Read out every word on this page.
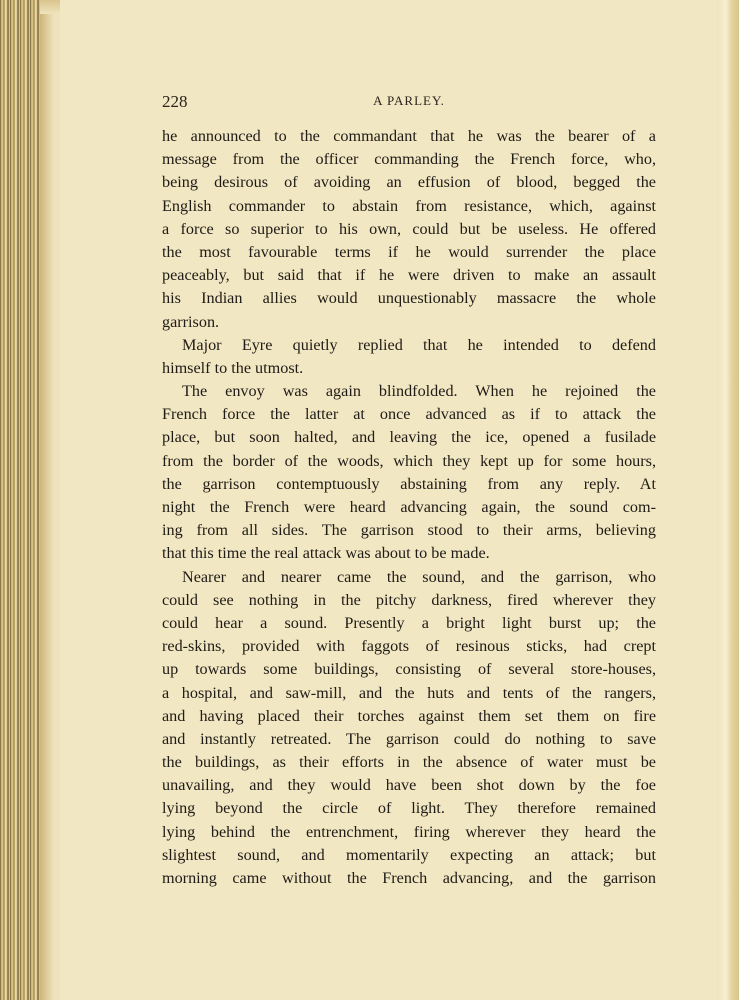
228	A PARLEY.
he announced to the commandant that he was the bearer of a
message from the officer commanding the French force, who,
being desirous of avoiding an effusion of blood, begged the
English commander to abstain from resistance, which, against
a force so superior to his own, could but be useless. He offered
the most favourable terms if he would surrender the place
peaceably, but said that if he were driven to make an assault
his Indian allies would unquestionably massacre the whole
garrison.
Major Eyre quietly replied that he intended to defend
himself to the utmost.
The envoy was again blindfolded. When he rejoined the
French force the latter at once advanced as if to attack the
place, but soon halted, and leaving the ice, opened a fusilade
from the border of the woods, which they kept up for some hours,
the garrison contemptuously abstaining from any reply. At
night the French were heard advancing again, the sound com-
ing from all sides. The garrison stood to their arms, believing
that this time the real attack was about to be made.
Nearer and nearer came the sound, and the garrison, who
could see nothing in the pitchy darkness, fired wherever they
could hear a sound. Presently a bright light burst up; the
red-skins, provided with faggots of resinous sticks, had crept
up towards some buildings, consisting of several store-houses,
a hospital, and saw-mill, and the huts and tents of the rangers,
and having placed their torches against them set them on fire
and instantly retreated. The garrison could do nothing to save
the buildings, as their efforts in the absence of water must be
unavailing, and they would have been shot down by the foe
lying beyond the circle of light. They therefore remained
lying behind the entrenchment, firing wherever they heard the
slightest sound, and momentarily expecting an attack; but
morning came without the French advancing, and the garrison
